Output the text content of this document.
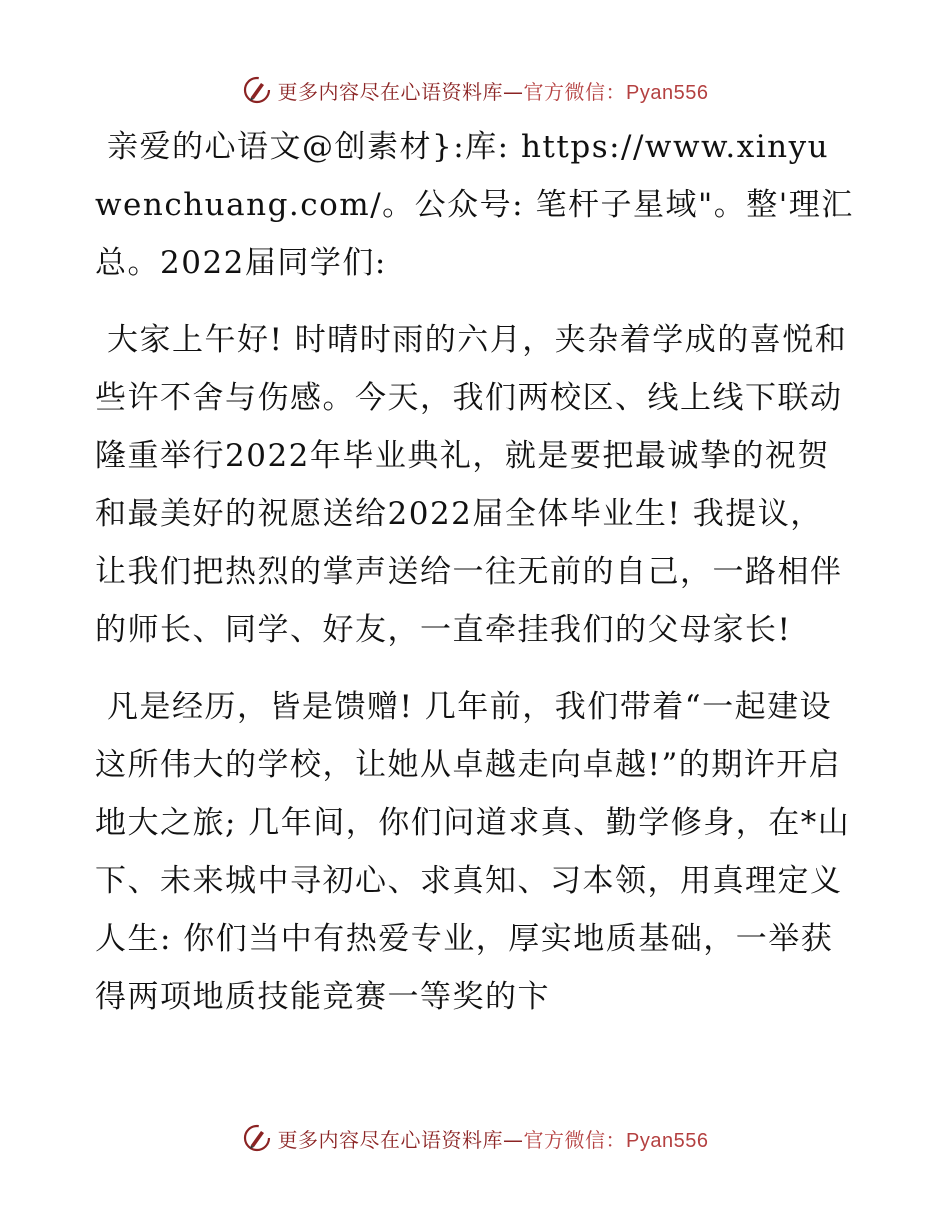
更多内容尽在心语资料库—官方微信：Pyan556

亲爱的心语文@创素材}:库: https://www.xinyuwenchuang.com/。公众号: 笔杆子星域"。整'理汇总。2022届同学们:

大家上午好! 时晴时雨的六月，夹杂着学成的喜悦和些许不舍与伤感。今天，我们两校区、线上线下联动隆重举行2022年毕业典礼，就是要把最诚挚的祝贺和最美好的祝愿送给2022届全体毕业生! 我提议，让我们把热烈的掌声送给一往无前的自己，一路相伴的师长、同学、好友，一直牵挂我们的父母家长!

凡是经历，皆是馈赠! 几年前，我们带着“一起建设这所伟大的学校，让她从卓越走向卓越!”的期许开启地大之旅; 几年间，你们问道求真、勤学修身，在*山下、未来城中寻初心、求真知、习本领，用真理定义人生: 你们当中有热爱专业，厚实地质基础，一举获得两项地质技能竞赛一等奖的卞

更多内容尽在心语资料库—官方微信：Pyan556
